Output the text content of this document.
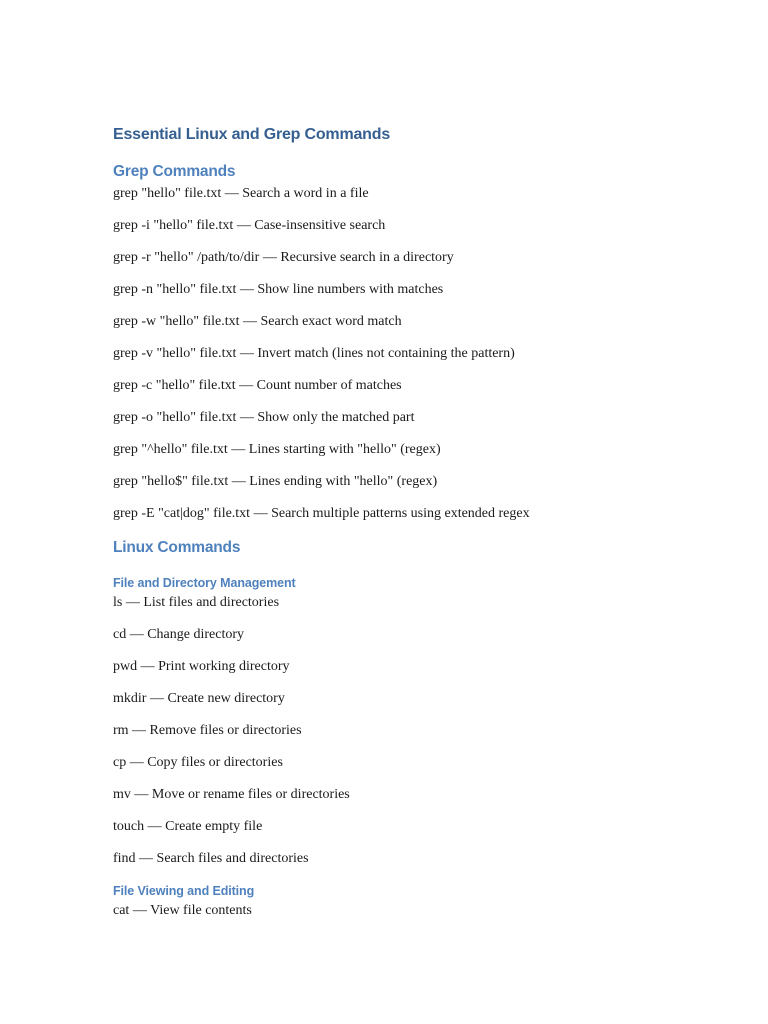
Essential Linux and Grep Commands
Grep Commands
grep "hello" file.txt — Search a word in a file
grep -i "hello" file.txt — Case-insensitive search
grep -r "hello" /path/to/dir — Recursive search in a directory
grep -n "hello" file.txt — Show line numbers with matches
grep -w "hello" file.txt — Search exact word match
grep -v "hello" file.txt — Invert match (lines not containing the pattern)
grep -c "hello" file.txt — Count number of matches
grep -o "hello" file.txt — Show only the matched part
grep "^hello" file.txt — Lines starting with "hello" (regex)
grep "hello$" file.txt — Lines ending with "hello" (regex)
grep -E "cat|dog" file.txt — Search multiple patterns using extended regex
Linux Commands
File and Directory Management
ls — List files and directories
cd — Change directory
pwd — Print working directory
mkdir — Create new directory
rm — Remove files or directories
cp — Copy files or directories
mv — Move or rename files or directories
touch — Create empty file
find — Search files and directories
File Viewing and Editing
cat — View file contents
